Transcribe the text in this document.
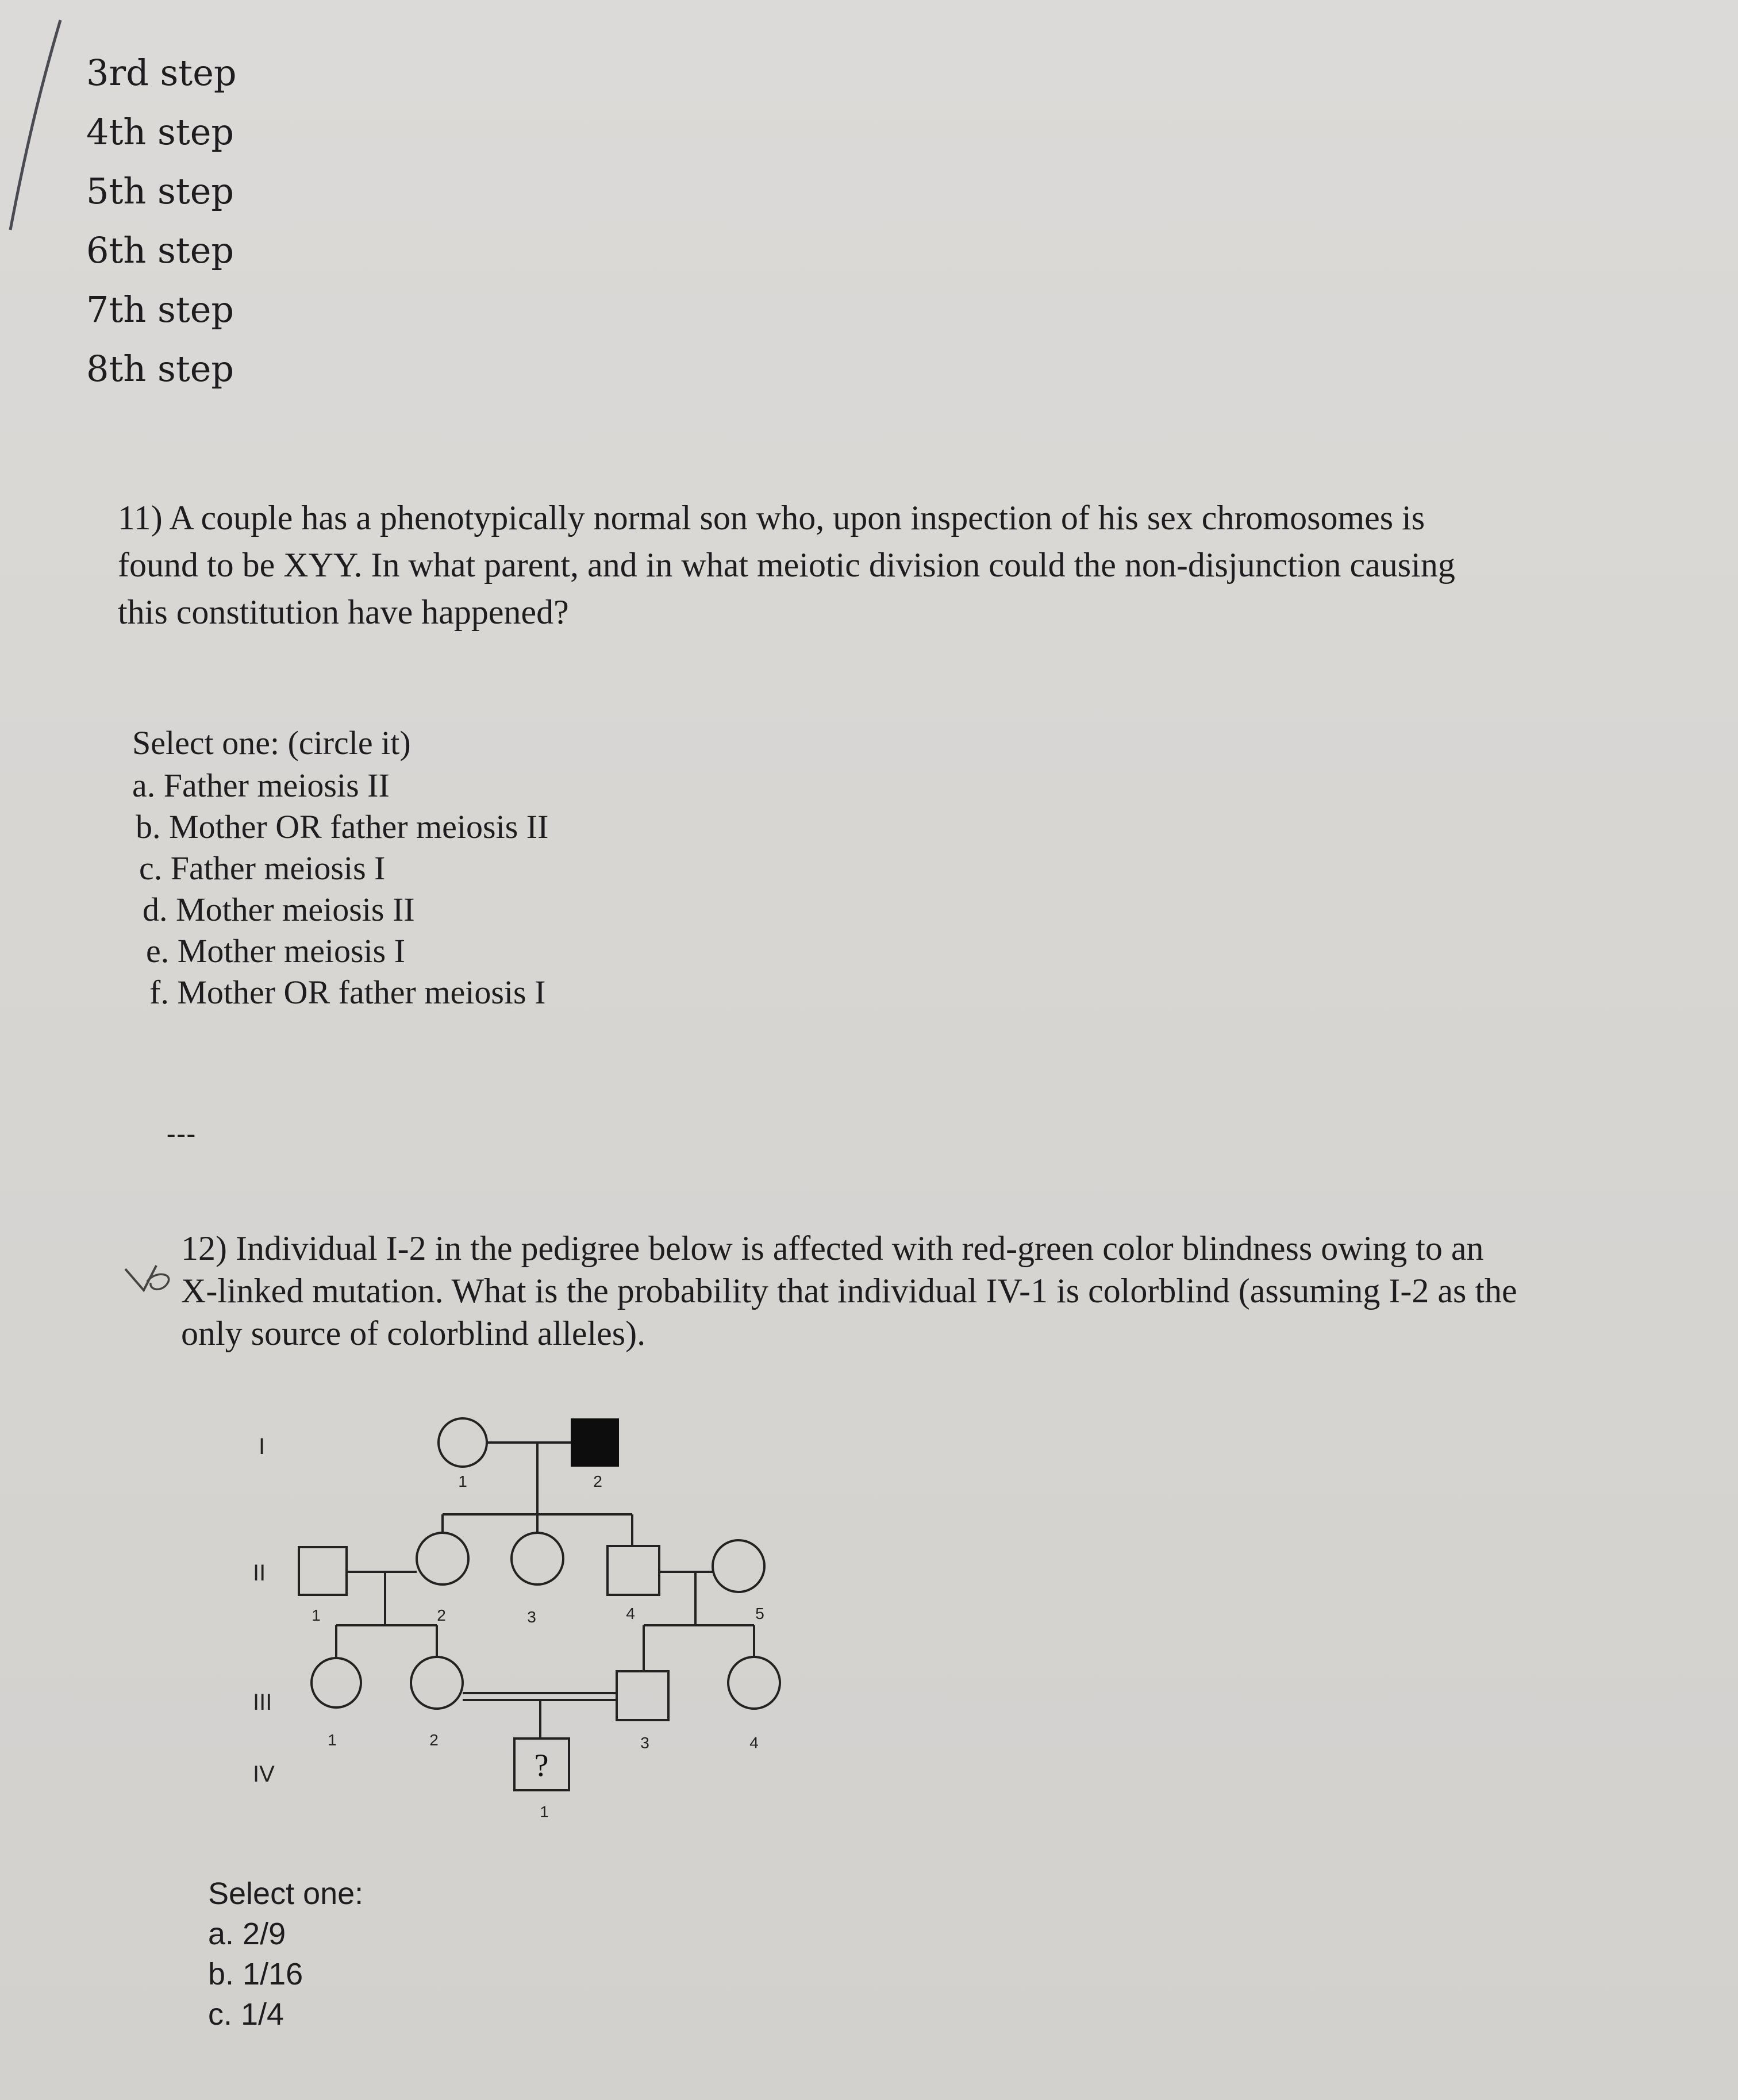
3rd step
4th step
5th step
6th step
7th step
8th step
11) A couple has a phenotypically normal son who, upon inspection of his sex chromosomes is
found to be XYY. In what parent, and in what meiotic division could the non-disjunction causing
this constitution have happened?
Select one: (circle it)
a. Father meiosis II
b. Mother OR father meiosis II
c. Father meiosis I
d. Mother meiosis II
e. Mother meiosis I
f. Mother OR father meiosis I
---
12) Individual I-2 in the pedigree below is affected with red-green color blindness owing to an
X-linked mutation. What is the probability that individual IV-1 is colorblind (assuming I-2 as the
only source of colorblind alleles).
I
II
III
IV
1	2
1	2	3	4	5
1	2	3	4
?
1
Select one:
a. 2/9
b. 1/16
c. 1/4
